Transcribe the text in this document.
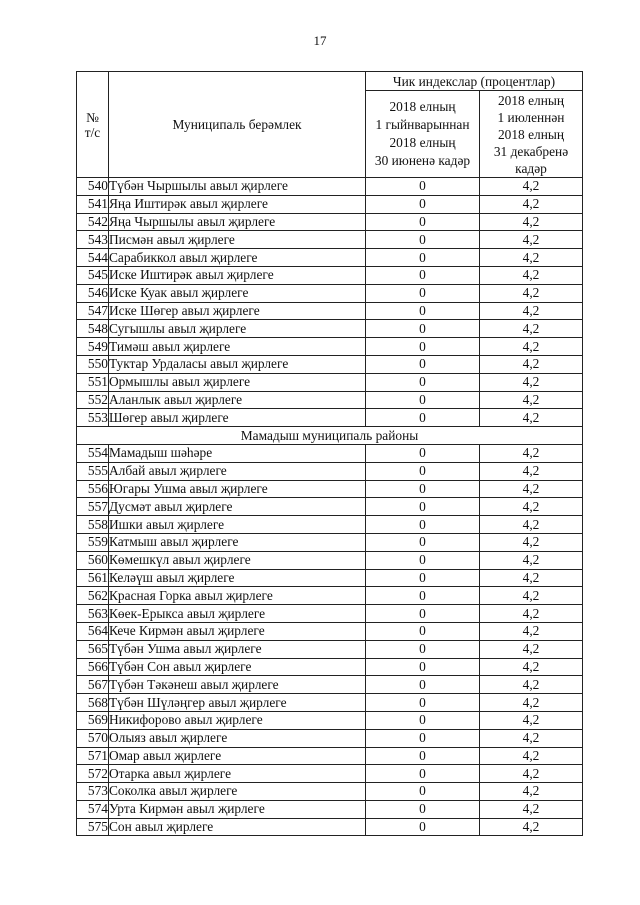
17
№
т/с	Муниципаль берәмлек	Чик индекслар (процентлар)	

		2018 елның
1 гыйнварыннан
2018 елның
30 июненә кадәр	2018 елның
1 июленнән
2018 елның
31 декабренә
кадәр

540	Түбән Чыршылы авыл җирлеге	0	4,2
541	Яңа Иштирәк авыл җирлеге	0	4,2
542	Яңа Чыршылы авыл җирлеге	0	4,2
543	Писмән авыл җирлеге	0	4,2
544	Сарабиккол авыл җирлеге	0	4,2
545	Иске Иштирәк авыл җирлеге	0	4,2
546	Иске Куак авыл җирлеге	0	4,2
547	Иске Шөгер авыл җирлеге	0	4,2
548	Сугышлы авыл җирлеге	0	4,2
549	Тимәш авыл җирлеге	0	4,2
550	Туктар Урдаласы авыл җирлеге	0	4,2
551	Ормышлы авыл җирлеге	0	4,2
552	Аланлык авыл җирлеге	0	4,2
553	Шөгер авыл җирлеге	0	4,2
Мамадыш муниципаль районы			
554	Мамадыш шәһәре	0	4,2
555	Албай авыл җирлеге	0	4,2
556	Югары Ушма авыл җирлеге	0	4,2
557	Дусмәт авыл җирлеге	0	4,2
558	Ишки авыл җирлеге	0	4,2
559	Катмыш авыл җирлеге	0	4,2
560	Көмешкүл авыл җирлеге	0	4,2
561	Келәүш авыл җирлеге	0	4,2
562	Красная Горка авыл җирлеге	0	4,2
563	Көек-Ерыкса авыл җирлеге	0	4,2
564	Кече Кирмән авыл җирлеге	0	4,2
565	Түбән Ушма авыл җирлеге	0	4,2
566	Түбән Сон авыл җирлеге	0	4,2
567	Түбән Тәкәнеш авыл җирлеге	0	4,2
568	Түбән Шүләңгер авыл җирлеге	0	4,2
569	Никифорово авыл җирлеге	0	4,2
570	Олыяз авыл җирлеге	0	4,2
571	Омар авыл җирлеге	0	4,2
572	Отарка авыл җирлеге	0	4,2
573	Соколка авыл җирлеге	0	4,2
574	Урта Кирмән авыл җирлеге	0	4,2
575	Сон авыл җирлеге	0	4,2
